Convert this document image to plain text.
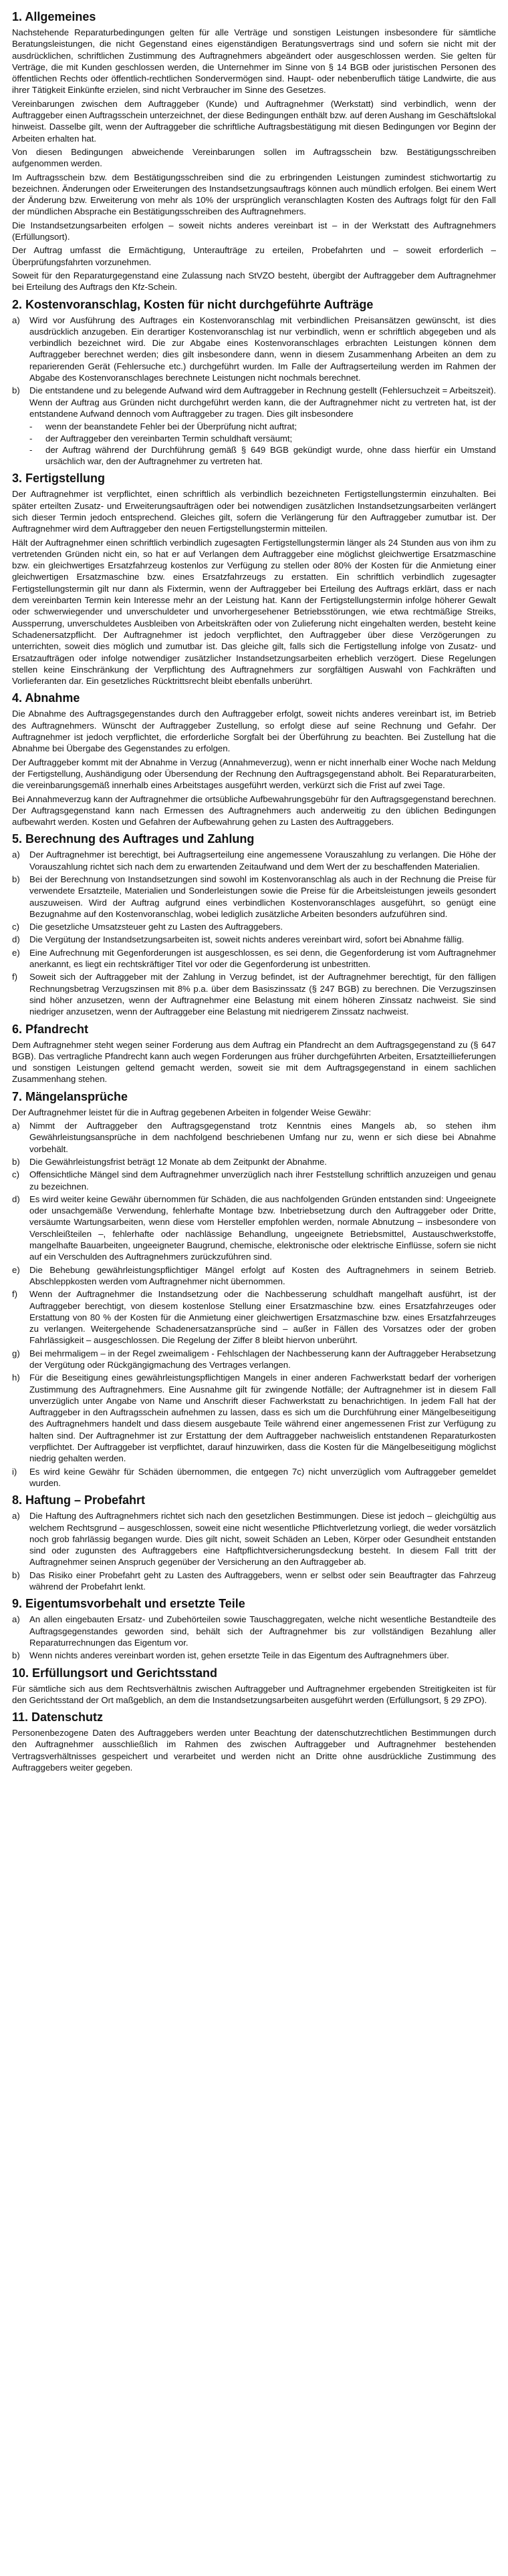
1. Allgemeines

Nachstehende Reparaturbedingungen gelten für alle Verträge und sonstigen Leistungen insbesondere für sämtliche Beratungsleistungen, die nicht Gegenstand eines eigenständigen Beratungsvertrags sind und sofern sie nicht mit der ausdrücklichen, schriftlichen Zustimmung des Auftragnehmers abgeändert oder ausgeschlossen werden. Sie gelten für Verträge, die mit Kunden geschlossen werden, die Unternehmer im Sinne von § 14 BGB oder juristischen Personen des öffentlichen Rechts oder öffentlich-rechtlichen Sondervermögen sind. Haupt- oder nebenberuflich tätige Landwirte, die aus ihrer Tätigkeit Einkünfte erzielen, sind nicht Verbraucher im Sinne des Gesetzes.

Vereinbarungen zwischen dem Auftraggeber (Kunde) und Auftragnehmer (Werkstatt) sind verbindlich, wenn der Auftraggeber einen Auftragsschein unterzeichnet, der diese Bedingungen enthält bzw. auf deren Aushang im Geschäftslokal hinweist. Dasselbe gilt, wenn der Auftraggeber die schriftliche Auftragsbestätigung mit diesen Bedingungen vor Beginn der Arbeiten erhalten hat.

Von diesen Bedingungen abweichende Vereinbarungen sollen im Auftragsschein bzw. Bestätigungsschreiben aufgenommen werden.

Im Auftragsschein bzw. dem Bestätigungsschreiben sind die zu erbringenden Leistungen zumindest stichwortartig zu bezeichnen. Änderungen oder Erweiterungen des Instandsetzungsauftrags können auch mündlich erfolgen. Bei einem Wert der Änderung bzw. Erweiterung von mehr als 10% der ursprünglich veranschlagten Kosten des Auftrags folgt für den Fall der mündlichen Absprache ein Bestätigungsschreiben des Auftragnehmers.

Die Instandsetzungsarbeiten erfolgen – soweit nichts anderes vereinbart ist – in der Werkstatt des Auftragnehmers (Erfüllungsort).

Der Auftrag umfasst die Ermächtigung, Unteraufträge zu erteilen, Probefahrten und – soweit erforderlich – Überprüfungsfahrten vorzunehmen.

Soweit für den Reparaturgegenstand eine Zulassung nach StVZO besteht, übergibt der Auftraggeber dem Auftragnehmer bei Erteilung des Auftrags den Kfz-Schein.

2. Kostenvoranschlag, Kosten für nicht durchgeführte Aufträge
a)	Wird vor Ausführung des Auftrages ein Kostenvoranschlag mit verbindlichen Preisansätzen gewünscht, ist dies ausdrücklich anzugeben. Ein derartiger Kostenvoranschlag ist nur verbindlich, wenn er schriftlich abgegeben und als verbindlich bezeichnet wird. Die zur Abgabe eines Kostenvoranschlages erbrachten Leistungen können dem Auftraggeber berechnet werden; dies gilt insbesondere dann, wenn in diesem Zusammenhang Arbeiten an dem zu reparierenden Gerät (Fehlersuche etc.) durchgeführt wurden. Im Falle der Auftragserteilung werden im Rahmen der Abgabe des Kostenvoranschlages berechnete Leistungen nicht nochmals berechnet.
b)	Die entstandene und zu belegende Aufwand wird dem Auftraggeber in Rechnung gestellt (Fehlersuchzeit = Arbeitszeit). Wenn der Auftrag aus Gründen nicht durchgeführt werden kann, die der Auftragnehmer nicht zu vertreten hat, ist der entstandene Aufwand dennoch vom Auftraggeber zu tragen. Dies gilt insbesondere
-	wenn der beanstandete Fehler bei der Überprüfung nicht auftrat;
-	der Auftraggeber den vereinbarten Termin schuldhaft versäumt;
-	der Auftrag während der Durchführung gemäß § 649 BGB gekündigt wurde, ohne dass hierfür ein Umstand ursächlich war, den der Auftragnehmer zu vertreten hat.
3. Fertigstellung

Der Auftragnehmer ist verpflichtet, einen schriftlich als verbindlich bezeichneten Fertigstellungstermin einzuhalten. Bei später erteilten Zusatz- und Erweiterungsaufträgen oder bei notwendigen zusätzlichen Instandsetzungsarbeiten verlängert sich dieser Termin jedoch entsprechend. Gleiches gilt, sofern die Verlängerung für den Auftraggeber zumutbar ist. Der Auftragnehmer wird dem Auftraggeber den neuen Fertigstellungstermin mitteilen.

Hält der Auftragnehmer einen schriftlich verbindlich zugesagten Fertigstellungstermin länger als 24 Stunden aus von ihm zu vertretenden Gründen nicht ein, so hat er auf Verlangen dem Auftraggeber eine möglichst gleichwertige Ersatzmaschine bzw. ein gleichwertiges Ersatzfahrzeug kostenlos zur Verfügung zu stellen oder 80% der Kosten für die Anmietung einer gleichwertigen Ersatzmaschine bzw. eines Ersatzfahrzeugs zu erstatten. Ein schriftlich verbindlich zugesagter Fertigstellungstermin gilt nur dann als Fixtermin, wenn der Auftraggeber bei Erteilung des Auftrags erklärt, dass er nach dem vereinbarten Termin kein Interesse mehr an der Leistung hat. Kann der Fertigstellungstermin infolge höherer Gewalt oder schwerwiegender und unverschuldeter und unvorhergesehener Betriebsstörungen, wie etwa rechtmäßige Streiks, Aussperrung, unverschuldetes Ausbleiben von Arbeitskräften oder von Zulieferung nicht eingehalten werden, besteht keine Schadenersatzpflicht. Der Auftragnehmer ist jedoch verpflichtet, den Auftraggeber über diese Verzögerungen zu unterrichten, soweit dies möglich und zumutbar ist. Das gleiche gilt, falls sich die Fertigstellung infolge von Zusatz- und Ersatzaufträgen oder infolge notwendiger zusätzlicher Instandsetzungsarbeiten erheblich verzögert. Diese Regelungen stellen keine Einschränkung der Verpflichtung des Auftragnehmers zur sorgfältigen Auswahl von Fachkräften und Vorlieferanten dar. Ein gesetzliches Rücktrittsrecht bleibt ebenfalls unberührt.

4. Abnahme

Die Abnahme des Auftragsgegenstandes durch den Auftraggeber erfolgt, soweit nichts anderes vereinbart ist, im Betrieb des Auftragnehmers. Wünscht der Auftraggeber Zustellung, so erfolgt diese auf seine Rechnung und Gefahr. Der Auftragnehmer ist jedoch verpflichtet, die erforderliche Sorgfalt bei der Überführung zu beachten. Bei Zustellung hat die Abnahme bei Übergabe des Gegenstandes zu erfolgen.

Der Auftraggeber kommt mit der Abnahme in Verzug (Annahmeverzug), wenn er nicht innerhalb einer Woche nach Meldung der Fertigstellung, Aushändigung oder Übersendung der Rechnung den Auftragsgegenstand abholt. Bei Reparaturarbeiten, die vereinbarungsgemäß innerhalb eines Arbeitstages ausgeführt werden, verkürzt sich die Frist auf zwei Tage.

Bei Annahmeverzug kann der Auftragnehmer die ortsübliche Aufbewahrungsgebühr für den Auftragsgegenstand berechnen. Der Auftragsgegenstand kann nach Ermessen des Auftragnehmers auch anderweitig zu den üblichen Bedingungen aufbewahrt werden. Kosten und Gefahren der Aufbewahrung gehen zu Lasten des Auftraggebers.

5. Berechnung des Auftrages und Zahlung
a)	Der Auftragnehmer ist berechtigt, bei Auftragserteilung eine angemessene Vorauszahlung zu verlangen. Die Höhe der Vorauszahlung richtet sich nach dem zu erwartenden Zeitaufwand und dem Wert der zu beschaffenden Materialien.
b)	Bei der Berechnung von Instandsetzungen sind sowohl im Kostenvoranschlag als auch in der Rechnung die Preise für verwendete Ersatzteile, Materialien und Sonderleistungen sowie die Preise für die Arbeitsleistungen jeweils gesondert auszuweisen. Wird der Auftrag aufgrund eines verbindlichen Kostenvoranschlages ausgeführt, so genügt eine Bezugnahme auf den Kostenvoranschlag, wobei lediglich zusätzliche Arbeiten besonders aufzuführen sind.
c)	Die gesetzliche Umsatzsteuer geht zu Lasten des Auftraggebers.
d)	Die Vergütung der Instandsetzungsarbeiten ist, soweit nichts anderes vereinbart wird, sofort bei Abnahme fällig.
e)	Eine Aufrechnung mit Gegenforderungen ist ausgeschlossen, es sei denn, die Gegenforderung ist vom Auftragnehmer anerkannt, es liegt ein rechtskräftiger Titel vor oder die Gegenforderung ist unbestritten.
f)	Soweit sich der Auftraggeber mit der Zahlung in Verzug befindet, ist der Auftragnehmer berechtigt, für den fälligen Rechnungsbetrag Verzugszinsen mit 8% p.a. über dem Basiszinssatz (§ 247 BGB) zu berechnen. Die Verzugszinsen sind höher anzusetzen, wenn der Auftragnehmer eine Belastung mit einem höheren Zinssatz nachweist. Sie sind niedriger anzusetzen, wenn der Auftraggeber eine Belastung mit niedrigerem Zinssatz nachweist.
6. Pfandrecht

Dem Auftragnehmer steht wegen seiner Forderung aus dem Auftrag ein Pfandrecht an dem Auftragsgegenstand zu (§ 647 BGB). Das vertragliche Pfandrecht kann auch wegen Forderungen aus früher durchgeführten Arbeiten, Ersatzteillieferungen und sonstigen Leistungen geltend gemacht werden, soweit sie mit dem Auftragsgegenstand in einem sachlichen Zusammenhang stehen.

7. Mängelansprüche

Der Auftragnehmer leistet für die in Auftrag gegebenen Arbeiten in folgender Weise Gewähr:

a)	Nimmt der Auftraggeber den Auftragsgegenstand trotz Kenntnis eines Mangels ab, so stehen ihm Gewährleistungsansprüche in dem nachfolgend beschriebenen Umfang nur zu, wenn er sich diese bei Abnahme vorbehält.
b)	Die Gewährleistungsfrist beträgt 12 Monate ab dem Zeitpunkt der Abnahme.
c)	Offensichtliche Mängel sind dem Auftragnehmer unverzüglich nach ihrer Feststellung schriftlich anzuzeigen und genau zu bezeichnen.
d)	Es wird weiter keine Gewähr übernommen für Schäden, die aus nachfolgenden Gründen entstanden sind: Ungeeignete oder unsachgemäße Verwendung, fehlerhafte Montage bzw. Inbetriebsetzung durch den Auftraggeber oder Dritte, versäumte Wartungsarbeiten, wenn diese vom Hersteller empfohlen werden, normale Abnutzung – insbesondere von Verschleißteilen –, fehlerhafte oder nachlässige Behandlung, ungeeignete Betriebsmittel, Austauschwerkstoffe, mangelhafte Bauarbeiten, ungeeigneter Baugrund, chemische, elektronische oder elektrische Einflüsse, sofern sie nicht auf ein Verschulden des Auftragnehmers zurückzuführen sind.
e)	Die Behebung gewährleistungspflichtiger Mängel erfolgt auf Kosten des Auftragnehmers in seinem Betrieb. Abschleppkosten werden vom Auftragnehmer nicht übernommen.
f)	Wenn der Auftragnehmer die Instandsetzung oder die Nachbesserung schuldhaft mangelhaft ausführt, ist der Auftraggeber berechtigt, von diesem kostenlose Stellung einer Ersatzmaschine bzw. eines Ersatzfahrzeuges oder Erstattung von 80 % der Kosten für die Anmietung einer gleichwertigen Ersatzmaschine bzw. eines Ersatzfahrzeuges zu verlangen. Weitergehende Schadenersatzansprüche sind – außer in Fällen des Vorsatzes oder der groben Fahrlässigkeit – ausgeschlossen. Die Regelung der Ziffer 8 bleibt hiervon unberührt.
g)	Bei mehrmaligem – in der Regel zweimaligem - Fehlschlagen der Nachbesserung kann der Auftraggeber Herabsetzung der Vergütung oder Rückgängigmachung des Vertrages verlangen.
h)	Für die Beseitigung eines gewährleistungspflichtigen Mangels in einer anderen Fachwerkstatt bedarf der vorherigen Zustimmung des Auftragnehmers. Eine Ausnahme gilt für zwingende Notfälle; der Auftragnehmer ist in diesem Fall unverzüglich unter Angabe von Name und Anschrift dieser Fachwerkstatt zu benachrichtigen. In jedem Fall hat der Auftraggeber in den Auftragsschein aufnehmen zu lassen, dass es sich um die Durchführung einer Mängelbeseitigung des Auftragnehmers handelt und dass diesem ausgebaute Teile während einer angemessenen Frist zur Verfügung zu halten sind. Der Auftragnehmer ist zur Erstattung der dem Auftraggeber nachweislich entstandenen Reparaturkosten verpflichtet. Der Auftraggeber ist verpflichtet, darauf hinzuwirken, dass die Kosten für die Mängelbeseitigung möglichst niedrig gehalten werden.
i)	Es wird keine Gewähr für Schäden übernommen, die entgegen 7c) nicht unverzüglich vom Auftraggeber gemeldet wurden.
8. Haftung – Probefahrt
a)	Die Haftung des Auftragnehmers richtet sich nach den gesetzlichen Bestimmungen. Diese ist jedoch – gleichgültig aus welchem Rechtsgrund – ausgeschlossen, soweit eine nicht wesentliche Pflichtverletzung vorliegt, die weder vorsätzlich noch grob fahrlässig begangen wurde. Dies gilt nicht, soweit Schäden an Leben, Körper oder Gesundheit entstanden sind oder zugunsten des Auftraggebers eine Haftpflichtversicherungsdeckung besteht. In diesem Fall tritt der Auftragnehmer seinen Anspruch gegenüber der Versicherung an den Auftraggeber ab.
b)	Das Risiko einer Probefahrt geht zu Lasten des Auftraggebers, wenn er selbst oder sein Beauftragter das Fahrzeug während der Probefahrt lenkt.
9. Eigentumsvorbehalt und ersetzte Teile
a)	An allen eingebauten Ersatz- und Zubehörteilen sowie Tauschaggregaten, welche nicht wesentliche Bestandteile des Auftragsgegenstandes geworden sind, behält sich der Auftragnehmer bis zur vollständigen Bezahlung aller Reparaturrechnungen das Eigentum vor.
b)	Wenn nichts anderes vereinbart worden ist, gehen ersetzte Teile in das Eigentum des Auftragnehmers über.
10. Erfüllungsort und Gerichtsstand

Für sämtliche sich aus dem Rechtsverhältnis zwischen Auftraggeber und Auftragnehmer ergebenden Streitigkeiten ist für den Gerichtsstand der Ort maßgeblich, an dem die Instandsetzungsarbeiten ausgeführt werden (Erfüllungsort, § 29 ZPO).

11. Datenschutz

Personenbezogene Daten des Auftraggebers werden unter Beachtung der datenschutzrechtlichen Bestimmungen durch den Auftragnehmer ausschließlich im Rahmen des zwischen Auftraggeber und Auftragnehmer bestehenden Vertragsverhältnisses gespeichert und verarbeitet und werden nicht an Dritte ohne ausdrückliche Zustimmung des Auftraggebers weiter gegeben.
